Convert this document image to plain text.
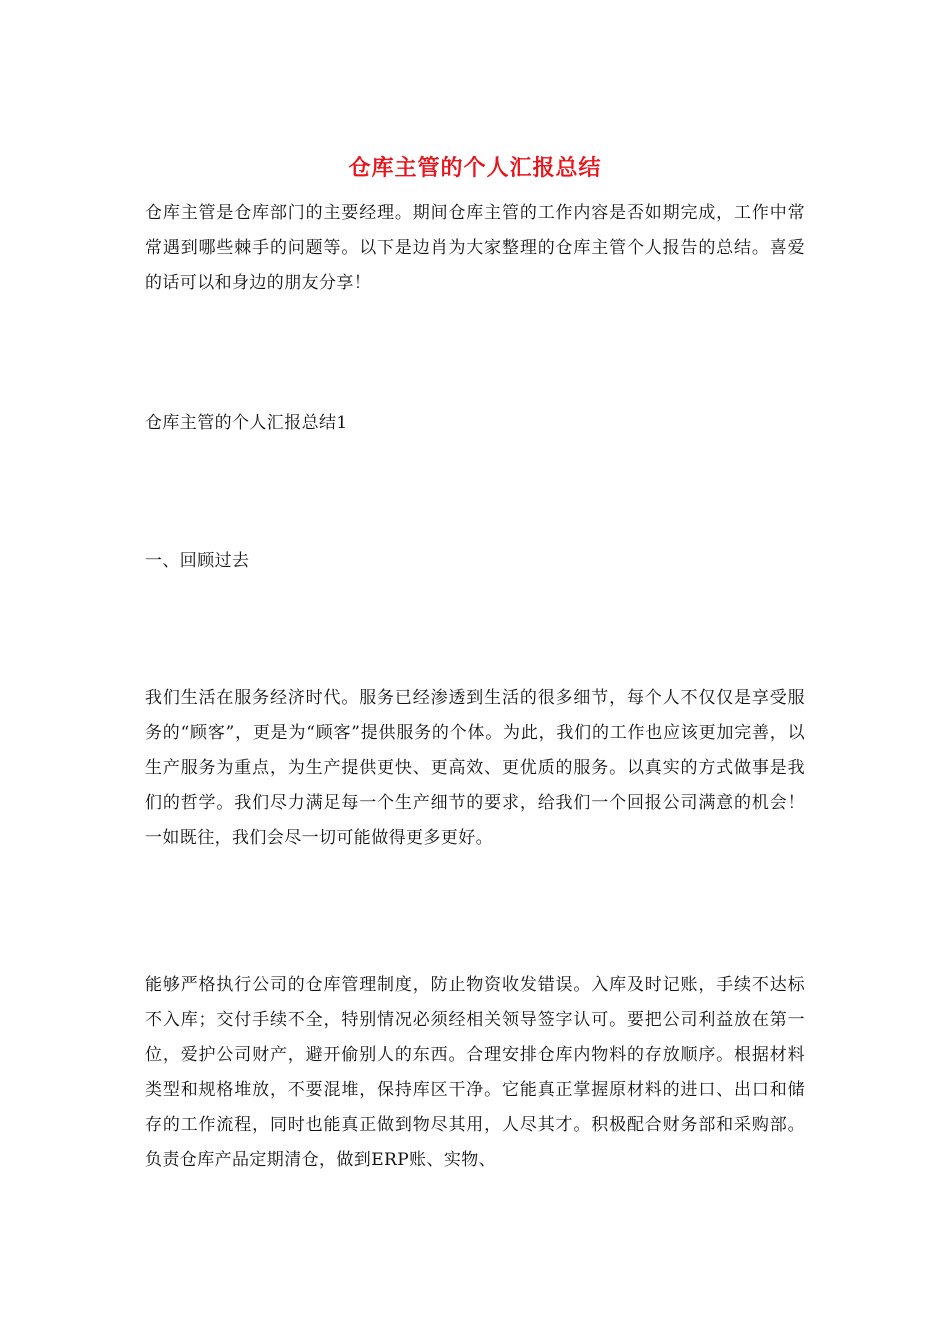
仓库主管的个人汇报总结

仓库主管是仓库部门的主要经理。期间仓库主管的工作内容是否如期完成，工作中常常遇到哪些棘手的问题等。以下是边肖为大家整理的仓库主管个人报告的总结。喜爱的话可以和身边的朋友分享！

仓库主管的个人汇报总结1

一、回顾过去

我们生活在服务经济时代。服务已经渗透到生活的很多细节，每个人不仅仅是享受服务的“顾客”，更是为“顾客”提供服务的个体。为此，我们的工作也应该更加完善，以生产服务为重点，为生产提供更快、更高效、更优质的服务。以真实的方式做事是我们的哲学。我们尽力满足每一个生产细节的要求，给我们一个回报公司满意的机会！一如既往，我们会尽一切可能做得更多更好。

能够严格执行公司的仓库管理制度，防止物资收发错误。入库及时记账，手续不达标不入库；交付手续不全，特别情况必须经相关领导签字认可。要把公司利益放在第一位，爱护公司财产，避开偷别人的东西。合理安排仓库内物料的存放顺序。根据材料类型和规格堆放，不要混堆，保持库区干净。它能真正掌握原材料的进口、出口和储存的工作流程，同时也能真正做到物尽其用，人尽其才。积极配合财务部和采购部。负责仓库产品定期清仓，做到ERP账、实物、
